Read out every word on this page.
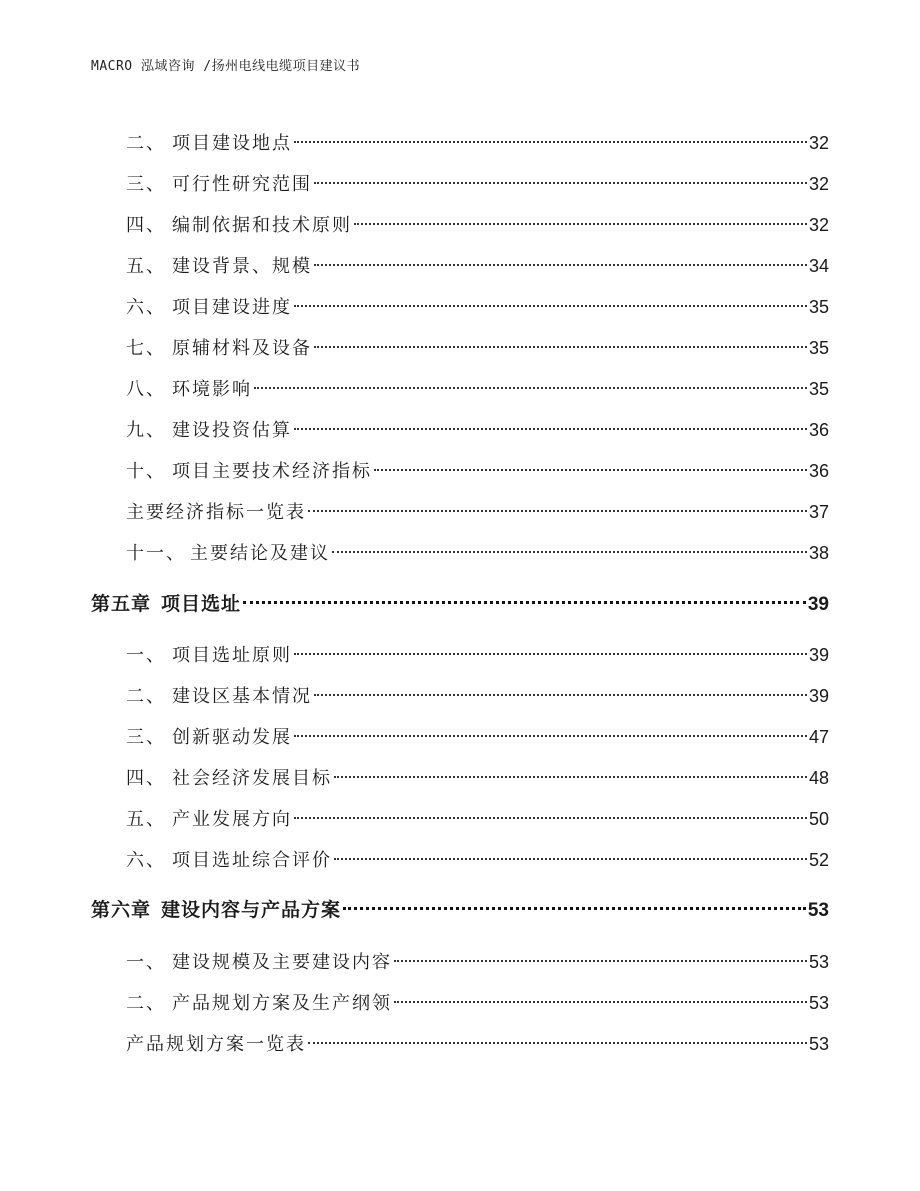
MACRO 泓域咨询 /扬州电线电缆项目建议书
二、 项目建设地点	32
三、 可行性研究范围	32
四、 编制依据和技术原则	32
五、 建设背景、规模	34
六、 项目建设进度	35
七、 原辅材料及设备	35
八、 环境影响	35
九、 建设投资估算	36
十、 项目主要技术经济指标	36
主要经济指标一览表	37
十一、 主要结论及建议	38
第五章 项目选址	39
一、 项目选址原则	39
二、 建设区基本情况	39
三、 创新驱动发展	47
四、 社会经济发展目标	48
五、 产业发展方向	50
六、 项目选址综合评价	52
第六章 建设内容与产品方案	53
一、 建设规模及主要建设内容	53
二、 产品规划方案及生产纲领	53
产品规划方案一览表	53
